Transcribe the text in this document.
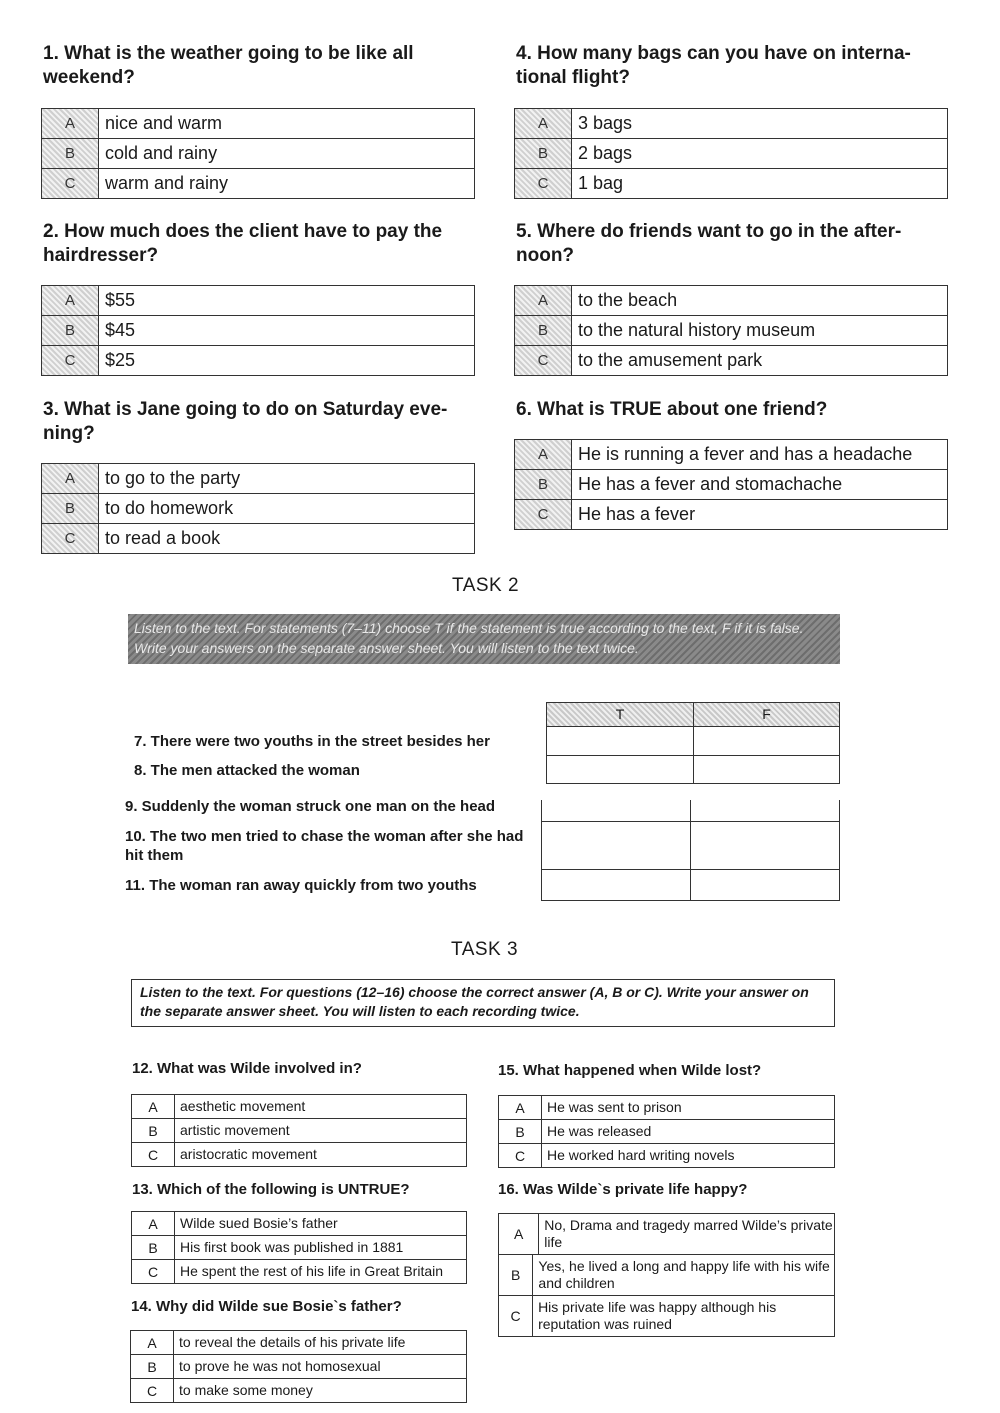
1. What is the weather going to be like all weekend?
A	nice and warm
B	cold and rainy
C	warm and rainy
2. How much does the client have to pay the hairdresser?
A	$55
B	$45
C	$25
3. What is Jane going to do on Saturday eve-ning?
A	to go to the party
B	to do homework
C	to read a book
4. How many bags can you have on interna-tional flight?
A	3 bags
B	2 bags
C	1 bag
5. Where do friends want to go in the after-noon?
A	to the beach
B	to the natural history museum
C	to the amusement park
6. What is TRUE about one friend?
A	He is running a fever and has a headache
B	He has a fever and stomachache
C	He has a fever
TASK 2
Listen to the text. For statements (7–11) choose T if the statement is true according to the text, F if it is false. Write your answers on the separate answer sheet. You will listen to the text twice.
T	F
7. There were two youths in the street besides her
8. The men attacked the woman
9. Suddenly the woman struck one man on the head
10. The two men tried to chase the woman after she had hit them
11. The woman ran away quickly from two youths
TASK 3
Listen to the text. For questions (12–16) choose the correct answer (A, B or C). Write your answer on the separate answer sheet. You will listen to each recording twice.
12. What was Wilde involved in?
A	aesthetic movement
B	artistic movement
C	aristocratic movement
13. Which of the following is UNTRUE?
A	Wilde sued Bosie’s father
B	His first book was published in 1881
C	He spent the rest of his life in Great Britain
14. Why did Wilde sue Bosie`s father?
A	to reveal the details of his private life
B	to prove he was not homosexual
C	to make some money
15. What happened when Wilde lost?
A	He was sent to prison
B	He was released
C	He worked hard writing novels
16. Was Wilde`s private life happy?
A
No, Drama and tragedy marred Wilde’s private life
B
Yes, he lived a long and happy life with his wife and children
C
His private life was happy although his reputation was ruined
